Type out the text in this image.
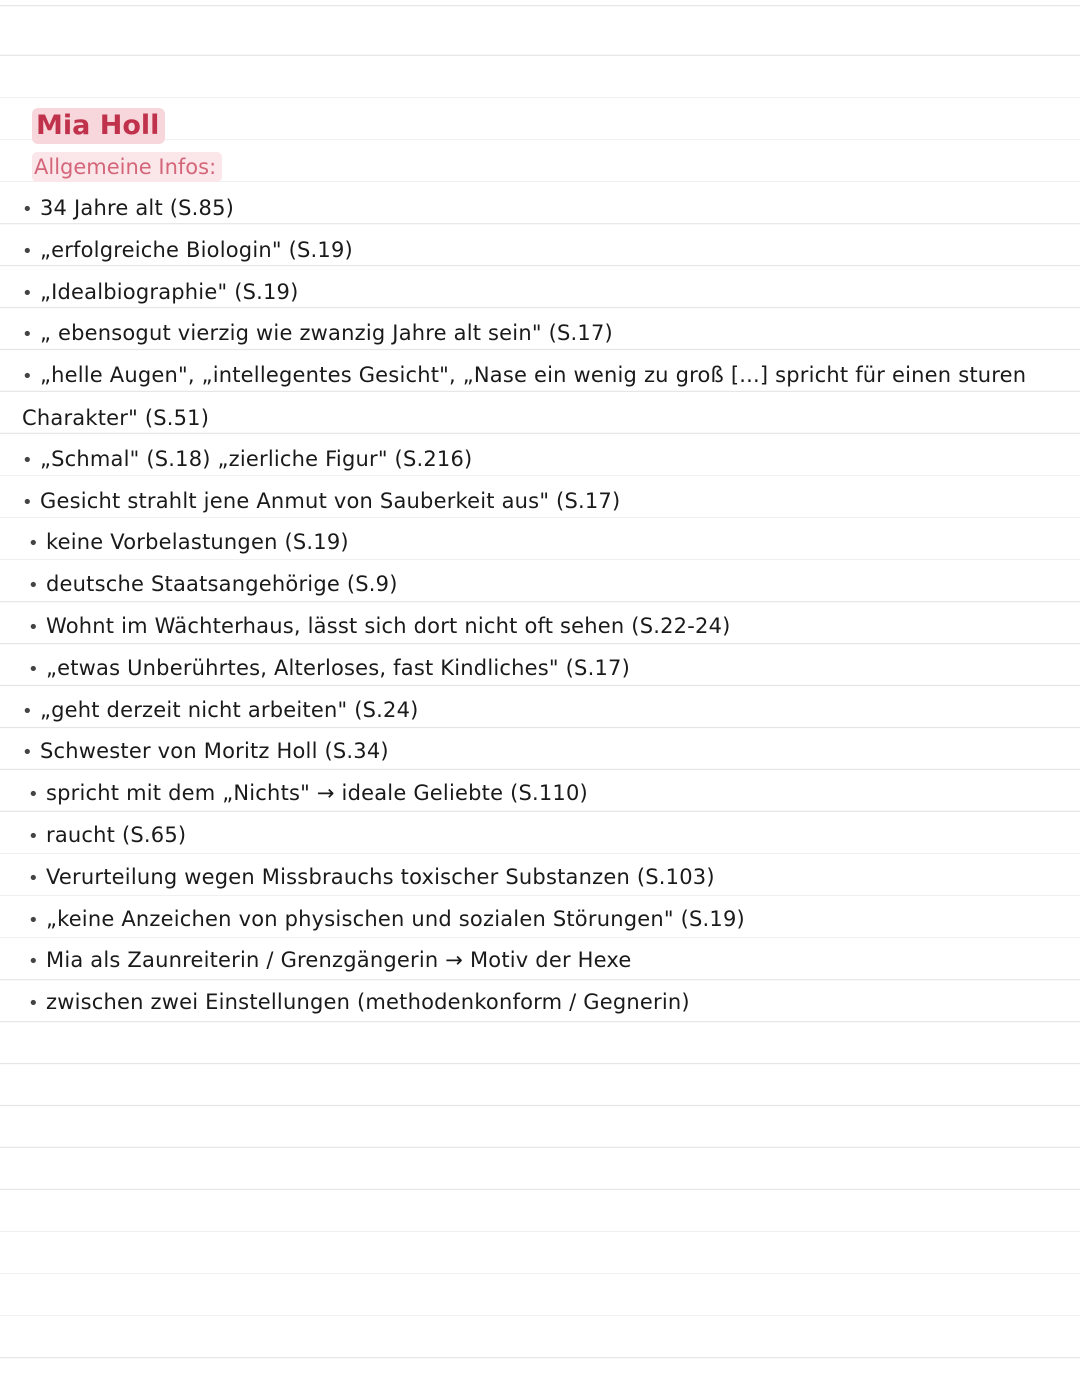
Mia Holl
Allgemeine Infos:
• 34 Jahre alt (S.85)
• „erfolgreiche Biologin" (S.19)
• „Idealbiographie" (S.19)
• „ ebensogut vierzig wie zwanzig Jahre alt sein" (S.17)
• „helle Augen", „intellegentes Gesicht", „Nase ein wenig zu groß [...] spricht für einen sturen Charakter" (S.51)
• „Schmal" (S.18) „zierliche Figur" (S.216)
• Gesicht strahlt jene Anmut von Sauberkeit aus" (S.17)
• keine Vorbelastungen (S.19)
• deutsche Staatsangehörige (S.9)
• Wohnt im Wächterhaus, lässt sich dort nicht oft sehen (S.22-24)
• „etwas Unberührtes, Alterloses, fast Kindliches" (S.17)
• „geht derzeit nicht arbeiten" (S.24)
• Schwester von Moritz Holl (S.34)
• spricht mit dem „Nichts" → ideale Geliebte (S.110)
• raucht (S.65)
• Verurteilung wegen Missbrauchs toxischer Substanzen (S.103)
• „keine Anzeichen von physischen und sozialen Störungen" (S.19)
• Mia als Zaunreiterin / Grenzgängerin → Motiv der Hexe
• zwischen zwei Einstellungen (methodenkonform / Gegnerin)
